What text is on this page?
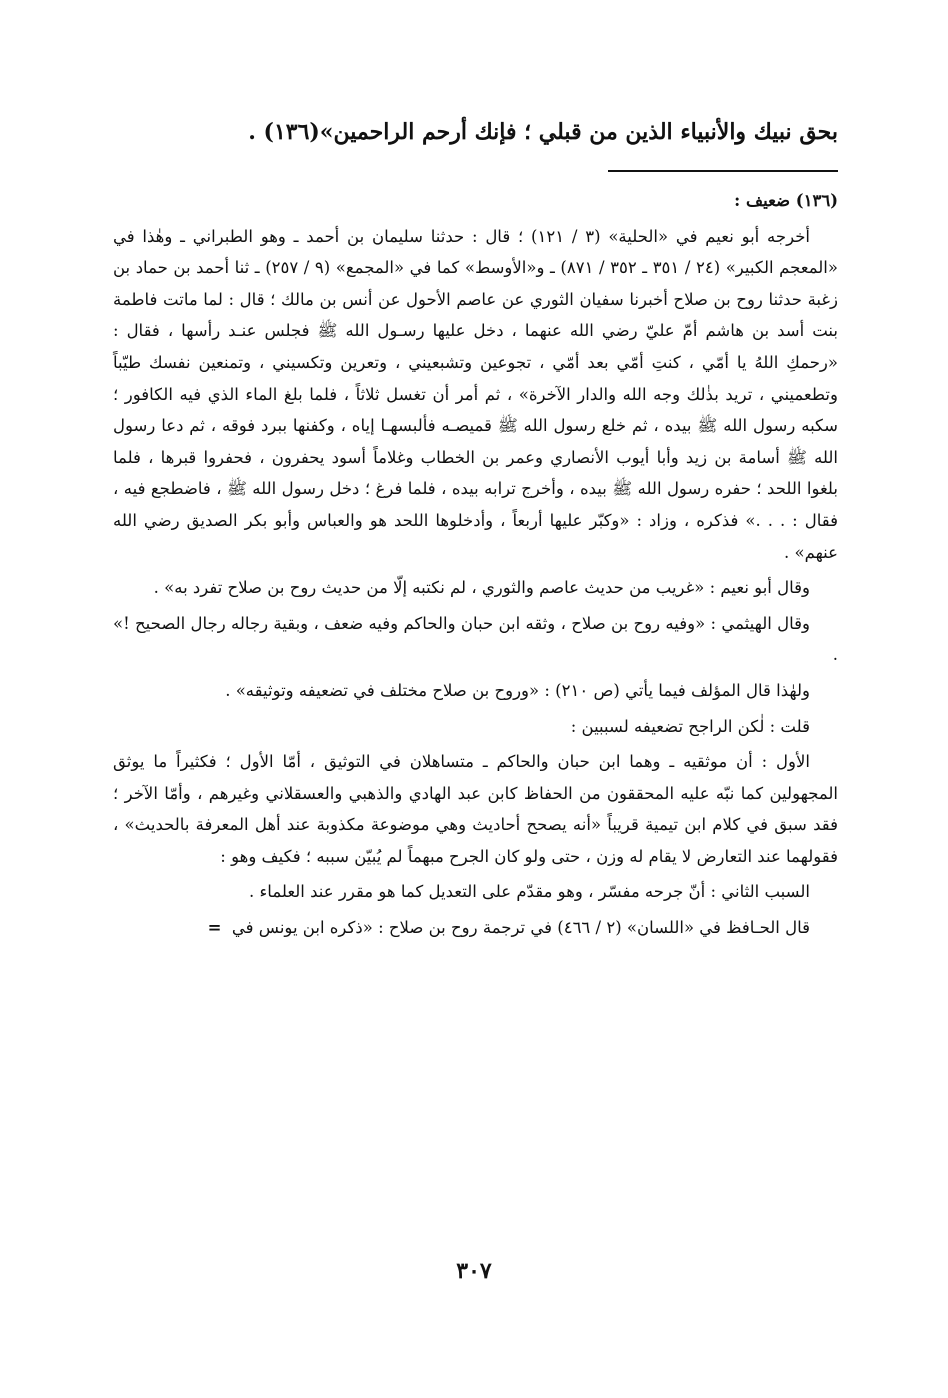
بحق نبيك والأنبياء الذين من قبلي ؛ فإنك أرحم الراحمين»(١٣٦) .

(١٣٦) ضعيف :

أخرجه أبو نعيم في «الحلية» (٣ / ١٢١) ؛ قال : حدثنا سليمان بن أحمد ـ وهو الطبراني ـ وهٰذا في «المعجم الكبير» (٢٤ / ٣٥١ ـ ٣٥٢ / ٨٧١) ـ و«الأوسط» كما في «المجمع» (٩ / ٢٥٧) ـ ثنا أحمد بن حماد بن زغبة حدثنا روح بن صلاح أخبرنا سفيان الثوري عن عاصم الأحول عن أنس بن مالك ؛ قال : لما ماتت فاطمة بنت أسد بن هاشم أمّ عليّ رضي الله عنهما ، دخل عليها رسـول الله ﷺ فجلس عنـد رأسها ، فقال : «رحمكِ اللهُ يا أمّي ، كنتِ أمّي بعد أمّي ، تجوعين وتشبعيني ، وتعرين وتكسيني ، وتمنعين نفسك طيّباً وتطعميني ، تريد بذٰلك وجه الله والدار الآخرة» ، ثم أمر أن تغسل ثلاثاً ، فلما بلغ الماء الذي فيه الكافور ؛ سكبه رسول الله ﷺ بيده ، ثم خلع رسول الله ﷺ قميصـه فألبسهـا إياه ، وكفنها ببرد فوقه ، ثم دعا رسول الله ﷺ أسامة بن زيد وأبا أيوب الأنصاري وعمر بن الخطاب وغلاماً أسود يحفرون ، فحفروا قبرها ، فلما بلغوا اللحد ؛ حفره رسول الله ﷺ بيده ، وأخرج ترابه بيده ، فلما فرغ ؛ دخل رسول الله ﷺ ، فاضطجع فيه ، فقال : . . .» فذكره ، وزاد : «وكبّر عليها أربعاً ، وأدخلوها اللحد هو والعباس وأبو بكر الصديق رضي الله عنهم» .

وقال أبو نعيم : «غريب من حديث عاصم والثوري ، لم نكتبه إلّا من حديث روح بن صلاح تفرد به» .

وقال الهيثمي : «وفيه روح بن صلاح ، وثقه ابن حبان والحاكم وفيه ضعف ، وبقية رجاله رجال الصحيح !» .

ولهٰذا قال المؤلف فيما يأتي (ص ٢١٠) : «وروح بن صلاح مختلف في تضعيفه وتوثيقه» .

قلت : لٰكن الراجح تضعيفه لسببين :

الأول : أن موثقيه ـ وهما ابن حبان والحاكم ـ متساهلان في التوثيق ، أمّا الأول ؛ فكثيراً ما يوثق المجهولين كما نبّه عليه المحققون من الحفاظ كابن عبد الهادي والذهبي والعسقلاني وغيرهم ، وأمّا الآخر ؛ فقد سبق في كلام ابن تيمية قريباً «أنه يصحح أحاديث وهي موضوعة مكذوبة عند أهل المعرفة بالحديث» ، فقولهما عند التعارض لا يقام له وزن ، حتى ولو كان الجرح مبهماً لم يُبيّن سببه ؛ فكيف وهو :

السبب الثاني : أنّ جرحه مفسّر ، وهو مقدّم على التعديل كما هو مقرر عند العلماء .

قال الحـافظ في «اللسان» (٢ / ٤٦٦) في ترجمة روح بن صلاح : «ذكره ابن يونس في  =

٣٠٧
